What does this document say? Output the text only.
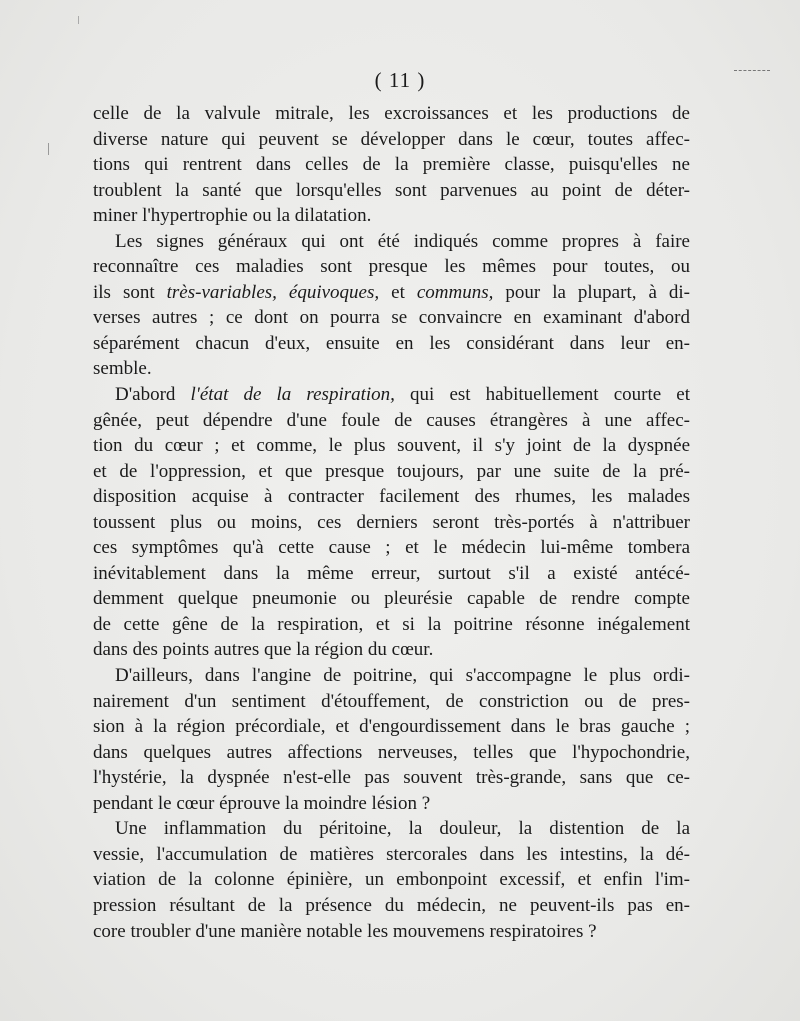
( 11 )
celle de la valvule mitrale, les excroissances et les productions de
diverse nature qui peuvent se développer dans le cœur, toutes affec-
tions qui rentrent dans celles de la première classe, puisqu'elles ne
troublent la santé que lorsqu'elles sont parvenues au point de déter-
miner l'hypertrophie ou la dilatation.
Les signes généraux qui ont été indiqués comme propres à faire
reconnaître ces maladies sont presque les mêmes pour toutes, ou
ils sont très-variables, équivoques, et communs, pour la plupart, à di-
verses autres ; ce dont on pourra se convaincre en examinant d'abord
séparément chacun d'eux, ensuite en les considérant dans leur en-
semble.
D'abord l'état de la respiration, qui est habituellement courte et
gênée, peut dépendre d'une foule de causes étrangères à une affec-
tion du cœur ; et comme, le plus souvent, il s'y joint de la dyspnée
et de l'oppression, et que presque toujours, par une suite de la pré-
disposition acquise à contracter facilement des rhumes, les malades
toussent plus ou moins, ces derniers seront très-portés à n'attribuer
ces symptômes qu'à cette cause ; et le médecin lui-même tombera
inévitablement dans la même erreur, surtout s'il a existé antécé-
demment quelque pneumonie ou pleurésie capable de rendre compte
de cette gêne de la respiration, et si la poitrine résonne inégalement
dans des points autres que la région du cœur.
D'ailleurs, dans l'angine de poitrine, qui s'accompagne le plus ordi-
nairement d'un sentiment d'étouffement, de constriction ou de pres-
sion à la région précordiale, et d'engourdissement dans le bras gauche ;
dans quelques autres affections nerveuses, telles que l'hypochondrie,
l'hystérie, la dyspnée n'est-elle pas souvent très-grande, sans que ce-
pendant le cœur éprouve la moindre lésion ?
Une inflammation du péritoine, la douleur, la distention de la
vessie, l'accumulation de matières stercorales dans les intestins, la dé-
viation de la colonne épinière, un embonpoint excessif, et enfin l'im-
pression résultant de la présence du médecin, ne peuvent-ils pas en-
core troubler d'une manière notable les mouvemens respiratoires ?
